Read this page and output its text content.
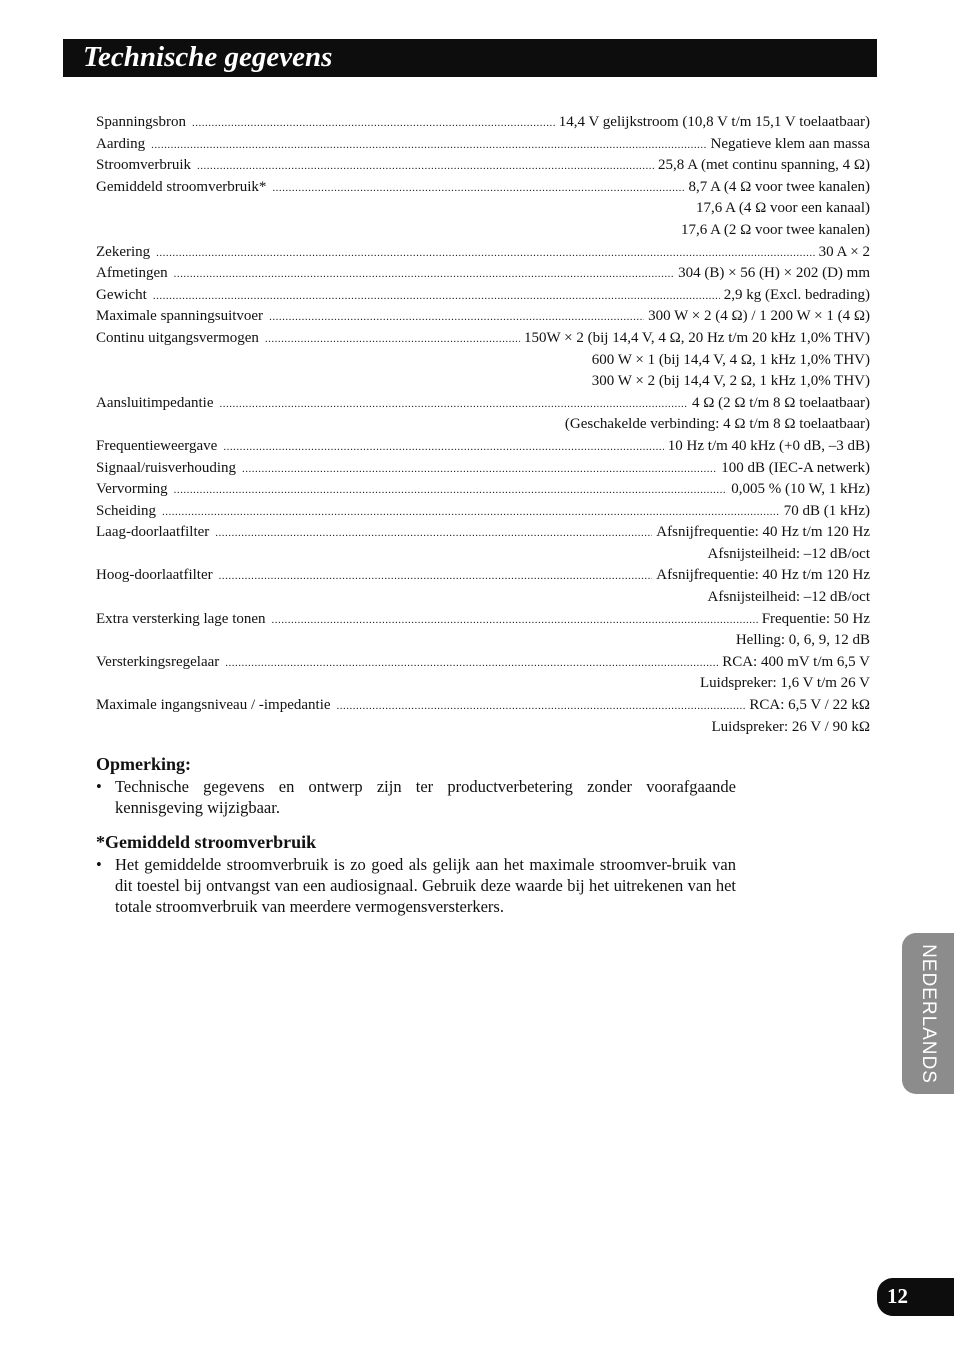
Technische gegevens
Spanningsbron .....	14,4 V gelijkstroom (10,8 V t/m 15,1 V toelaatbaar)
Aarding .....	Negatieve klem aan massa
Stroomverbruik .....	25,8 A (met continu spanning, 4 Ω)
Gemiddeld stroomverbruik* .....	8,7 A (4 Ω voor twee kanalen)
17,6 A (4 Ω voor een kanaal)
17,6 A (2 Ω voor twee kanalen)
Zekering .....	30 A × 2
Afmetingen .....	304 (B) × 56 (H) × 202 (D) mm
Gewicht .....	2,9 kg (Excl. bedrading)
Maximale spanningsuitvoer .....	300 W × 2 (4 Ω) / 1 200 W × 1 (4 Ω)
Continu uitgangsvermogen .....	150W × 2 (bij 14,4 V, 4 Ω, 20 Hz t/m 20 kHz 1,0% THV)
600 W × 1 (bij 14,4 V, 4 Ω, 1 kHz 1,0% THV)
300 W × 2 (bij 14,4 V, 2 Ω, 1 kHz 1,0% THV)
Aansluitimpedantie .....	4 Ω (2 Ω t/m 8 Ω toelaatbaar)
(Geschakelde verbinding: 4 Ω t/m 8 Ω toelaatbaar)
Frequentieweergave .....	10 Hz t/m 40 kHz (+0 dB, –3 dB)
Signaal/ruisverhouding .....	100 dB (IEC-A netwerk)
Vervorming .....	0,005 % (10 W, 1 kHz)
Scheiding .....	70 dB (1 kHz)
Laag-doorlaatfilter .....	Afsnijfrequentie: 40 Hz t/m 120 Hz
Afsnijsteilheid: –12 dB/oct
Hoog-doorlaatfilter .....	Afsnijfrequentie: 40 Hz t/m 120 Hz
Afsnijsteilheid: –12 dB/oct
Extra versterking lage tonen .....	Frequentie: 50 Hz
Helling: 0, 6, 9, 12 dB
Versterkingsregelaar .....	RCA: 400 mV t/m 6,5 V
Luidspreker: 1,6 V t/m 26 V
Maximale ingangsniveau / -impedantie .....	RCA: 6,5 V / 22 kΩ
Luidspreker: 26 V / 90 kΩ

Opmerking:

• Technische gegevens en ontwerp zijn ter productverbetering zonder voorafgaande kennisgeving wijzigbaar.

*Gemiddeld stroomverbruik

• Het gemiddelde stroomverbruik is zo goed als gelijk aan het maximale stroomver-bruik van dit toestel bij ontvangst van een audiosignaal. Gebruik deze waarde bij het uitrekenen van het totale stroomverbruik van meerdere vermogensversterkers.

NEDERLANDS
12
